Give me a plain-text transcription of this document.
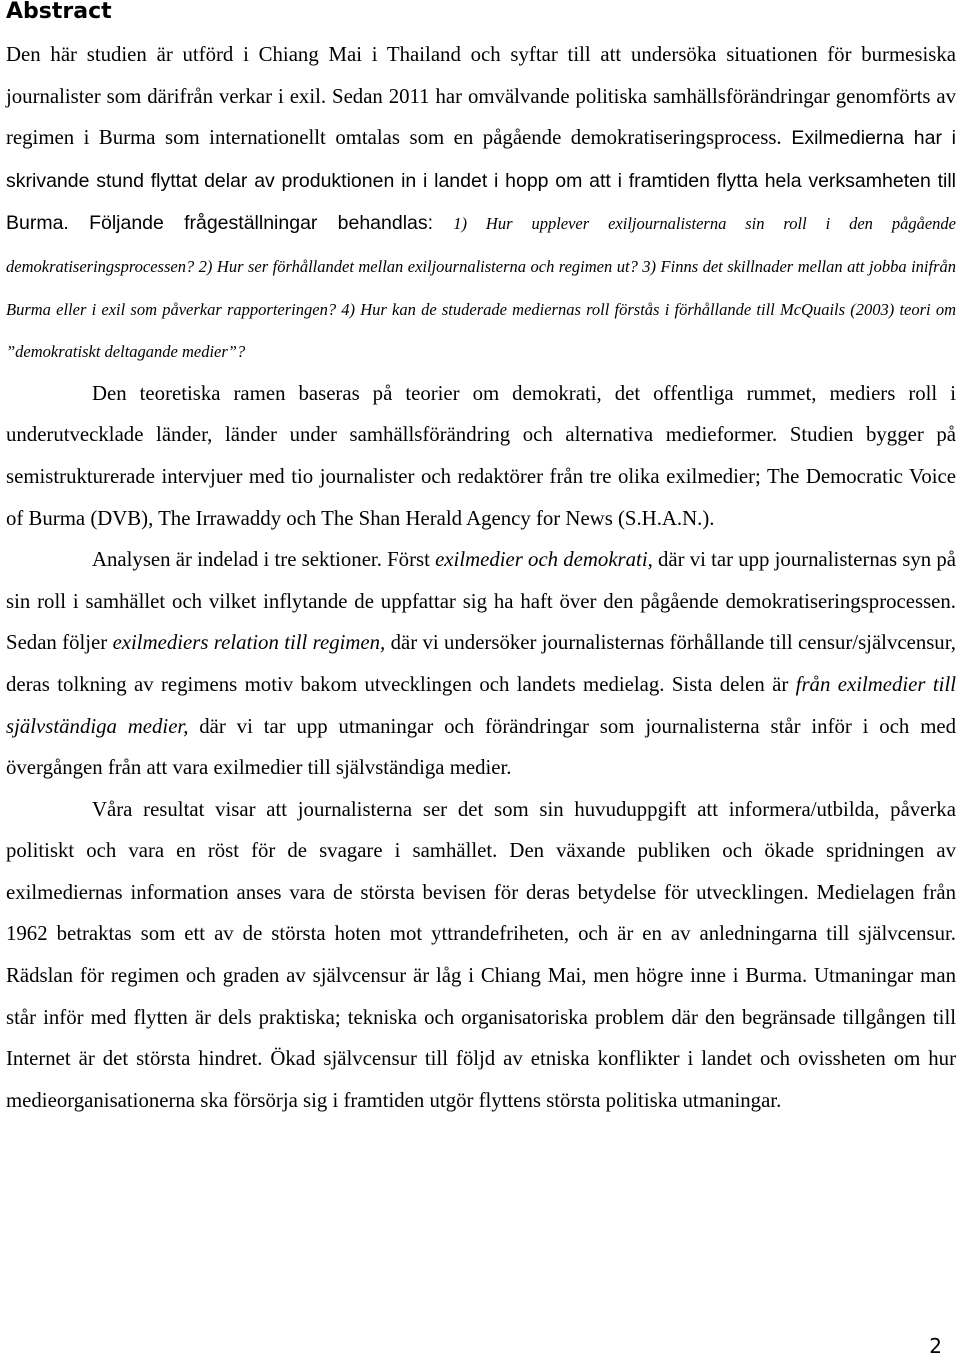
Abstract

Den här studien är utförd i Chiang Mai i Thailand och syftar till att undersöka situationen för burmesiska journalister som därifrån verkar i exil. Sedan 2011 har omvälvande politiska samhällsförändringar genomförts av regimen i Burma som internationellt omtalas som en pågående demokratiseringsprocess. Exilmedierna har i skrivande stund flyttat delar av produktionen in i landet i hopp om att i framtiden flytta hela verksamheten till Burma. Följande frågeställningar behandlas: 1) Hur upplever exiljournalisterna sin roll i den pågående demokratiseringsprocessen? 2) Hur ser förhållandet mellan exiljournalisterna och regimen ut? 3) Finns det skillnader mellan att jobba inifrån Burma eller i exil som påverkar rapporteringen? 4) Hur kan de studerade mediernas roll förstås i förhållande till McQuails (2003) teori om ”demokratiskt deltagande medier”?

Den teoretiska ramen baseras på teorier om demokrati, det offentliga rummet, mediers roll i underutvecklade länder, länder under samhällsförändring och alternativa medieformer. Studien bygger på semistrukturerade intervjuer med tio journalister och redaktörer från tre olika exilmedier; The Democratic Voice of Burma (DVB), The Irrawaddy och The Shan Herald Agency for News (S.H.A.N.).

Analysen är indelad i tre sektioner. Först exilmedier och demokrati, där vi tar upp journalisternas syn på sin roll i samhället och vilket inflytande de uppfattar sig ha haft över den pågående demokratiseringsprocessen. Sedan följer exilmediers relation till regimen, där vi undersöker journalisternas förhållande till censur/självcensur, deras tolkning av regimens motiv bakom utvecklingen och landets medielag. Sista delen är från exilmedier till självständiga medier, där vi tar upp utmaningar och förändringar som journalisterna står inför i och med övergången från att vara exilmedier till självständiga medier.

Våra resultat visar att journalisterna ser det som sin huvuduppgift att informera/utbilda, påverka politiskt och vara en röst för de svagare i samhället. Den växande publiken och ökade spridningen av exilmediernas information anses vara de största bevisen för deras betydelse för utvecklingen. Medielagen från 1962 betraktas som ett av de största hoten mot yttrandefriheten, och är en av anledningarna till självcensur. Rädslan för regimen och graden av självcensur är låg i Chiang Mai, men högre inne i Burma. Utmaningar man står inför med flytten är dels praktiska; tekniska och organisatoriska problem där den begränsade tillgången till Internet är det största hindret. Ökad självcensur till följd av etniska konflikter i landet och ovissheten om hur medieorganisationerna ska försörja sig i framtiden utgör flyttens största politiska utmaningar.

2
